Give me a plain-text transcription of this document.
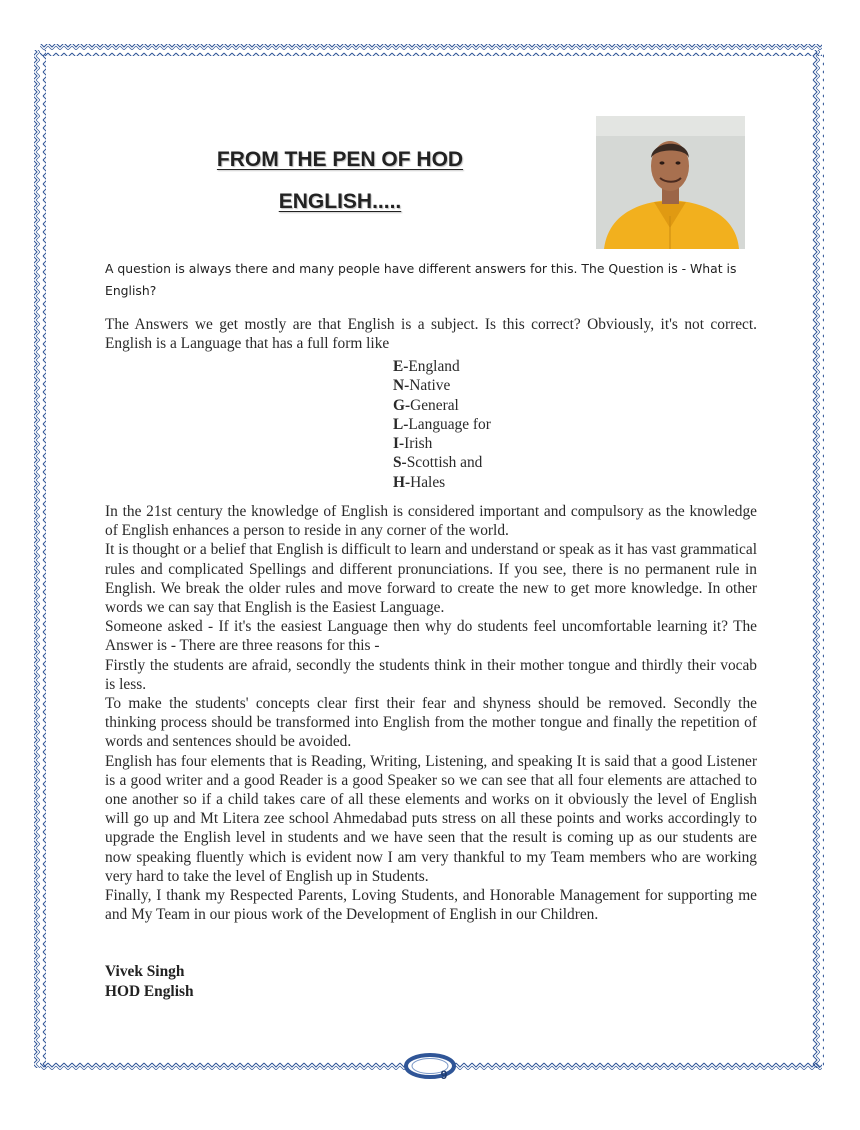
FROM THE PEN OF HOD
ENGLISH.....
A question is always there and many people have different answers for this. The Question is - What is English?

The Answers we get mostly are that English is a subject. Is this correct? Obviously, it's not correct. English is a Language that has a full form like

E-England
N-Native
G-General
L-Language for
I-Irish
S-Scottish and
H-Hales

In the 21st century the knowledge of English is considered important and compulsory as the knowledge of English enhances a person to reside in any corner of the world.

It is thought or a belief that English is difficult to learn and understand or speak as it has vast grammatical rules and complicated Spellings and different pronunciations. If you see, there is no permanent rule in English. We break the older rules and move forward to create the new to get more knowledge. In other words we can say that English is the Easiest Language.

Someone asked - If it's the easiest Language then why do students feel uncomfortable learning it? The Answer is - There are three reasons for this -

Firstly the students are afraid, secondly the students think in their mother tongue and thirdly their vocab is less.

To make the students' concepts clear first their fear and shyness should be removed. Secondly the thinking process should be transformed into English from the mother tongue and finally the repetition of words and sentences should be avoided.

English has four elements that is Reading, Writing, Listening, and speaking It is said that a good Listener is a good writer and a good Reader is a good Speaker so we can see that all four elements are attached to one another so if a child takes care of all these elements and works on it obviously the level of English will go up and Mt Litera zee school Ahmedabad puts stress on all these points and works accordingly to upgrade the English level in students and we have seen that the result is coming up as our students are now speaking fluently which is evident now I am very thankful to my Team members who are working very hard to take the level of English up in Students.

Finally, I thank my Respected Parents, Loving Students, and Honorable Management for supporting me and My Team in our pious work of the Development of English in our Children.

Vivek Singh
HOD English
9
